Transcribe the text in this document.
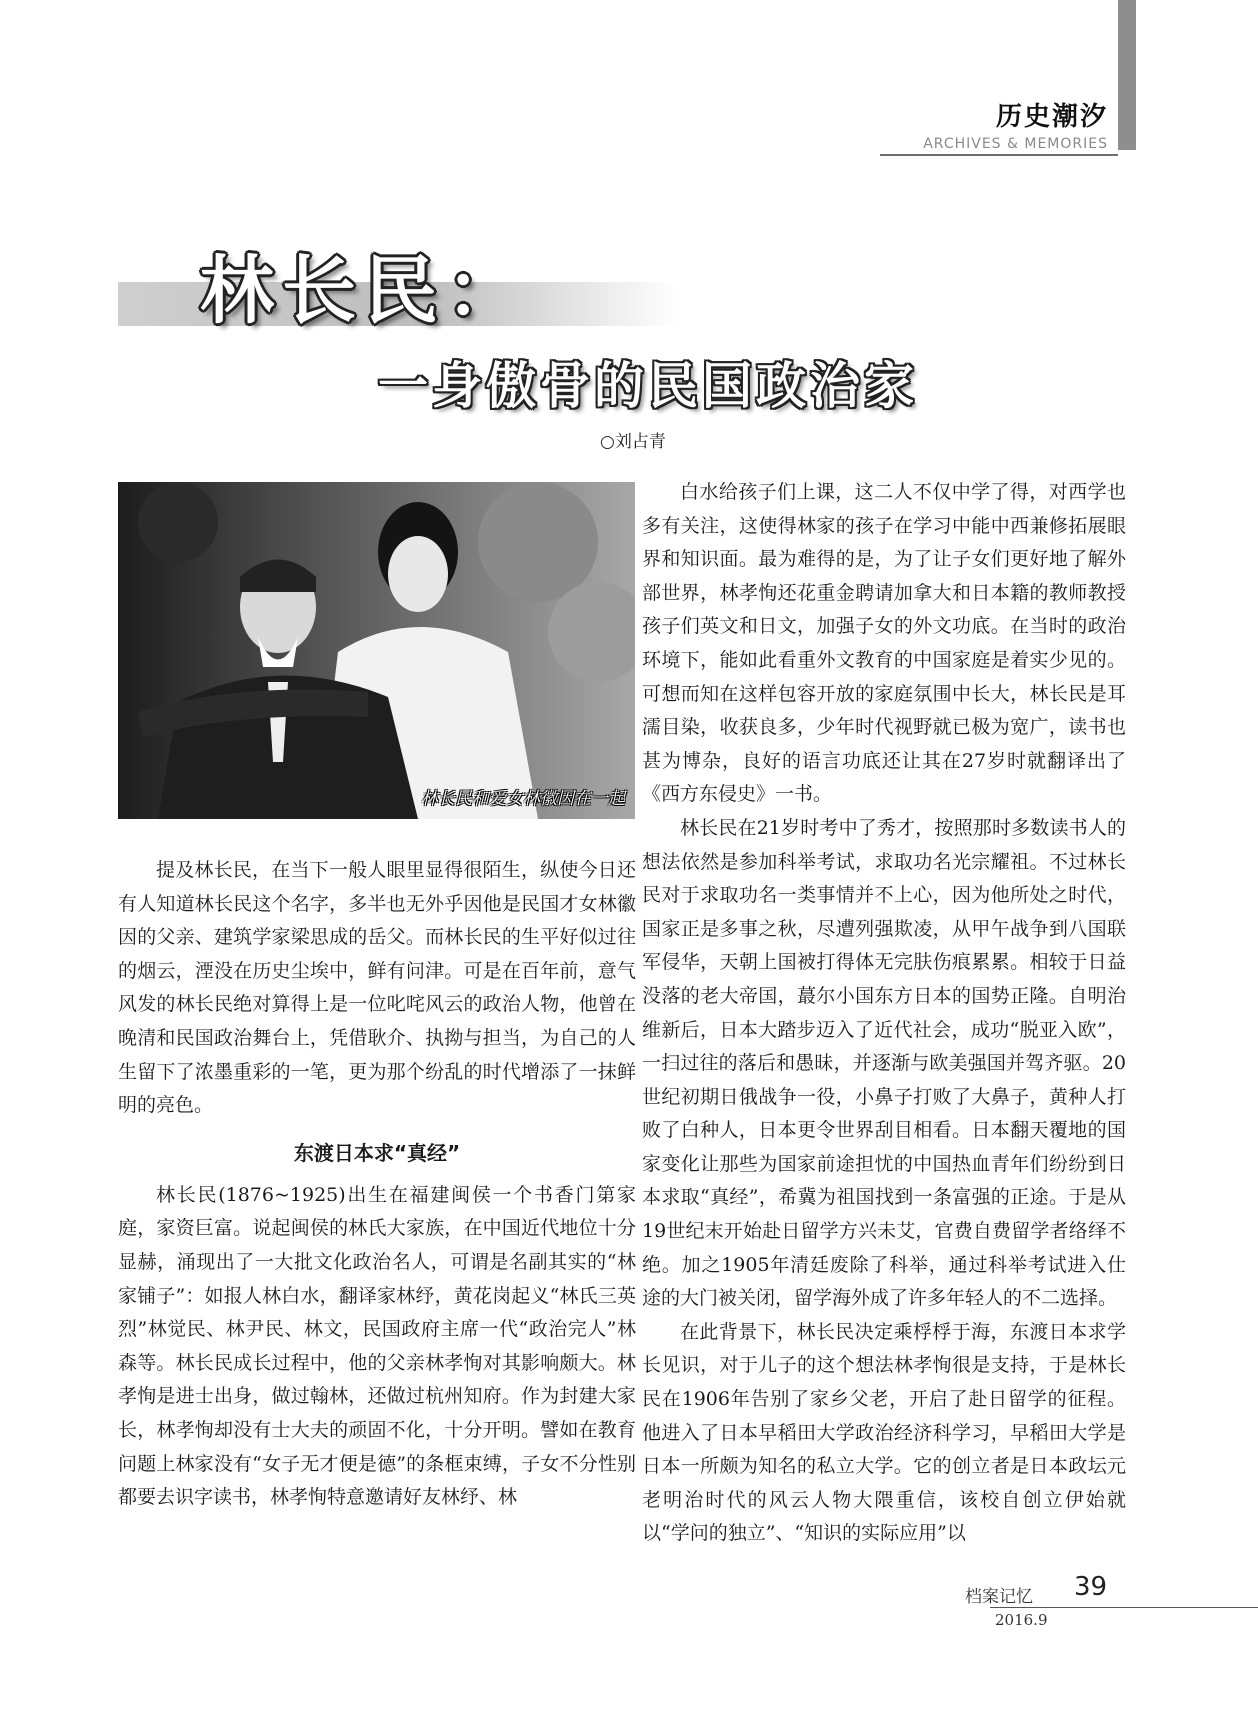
历史潮汐
ARCHIVES & MEMORIES
林长民：
一身傲骨的民国政治家
○刘占青
林长民和爱女林徽因在一起

提及林长民，在当下一般人眼里显得很陌生，纵使今日还有人知道林长民这个名字，多半也无外乎因他是民国才女林徽因的父亲、建筑学家梁思成的岳父。而林长民的生平好似过往的烟云，湮没在历史尘埃中，鲜有问津。可是在百年前，意气风发的林长民绝对算得上是一位叱咤风云的政治人物，他曾在晚清和民国政治舞台上，凭借耿介、执拗与担当，为自己的人生留下了浓墨重彩的一笔，更为那个纷乱的时代增添了一抹鲜明的亮色。

东渡日本求“真经”

林长民(1876~1925)出生在福建闽侯一个书香门第家庭，家资巨富。说起闽侯的林氏大家族，在中国近代地位十分显赫，涌现出了一大批文化政治名人，可谓是名副其实的“林家铺子”：如报人林白水，翻译家林纾，黄花岗起义“林氏三英烈”林觉民、林尹民、林文，民国政府主席一代“政治完人”林森等。林长民成长过程中，他的父亲林孝恂对其影响颇大。林孝恂是进士出身，做过翰林，还做过杭州知府。作为封建大家长，林孝恂却没有士大夫的顽固不化，十分开明。譬如在教育问题上林家没有“女子无才便是德”的条框束缚，子女不分性别都要去识字读书，林孝恂特意邀请好友林纾、林

白水给孩子们上课，这二人不仅中学了得，对西学也多有关注，这使得林家的孩子在学习中能中西兼修拓展眼界和知识面。最为难得的是，为了让子女们更好地了解外部世界，林孝恂还花重金聘请加拿大和日本籍的教师教授孩子们英文和日文，加强子女的外文功底。在当时的政治环境下，能如此看重外文教育的中国家庭是着实少见的。可想而知在这样包容开放的家庭氛围中长大，林长民是耳濡目染，收获良多，少年时代视野就已极为宽广，读书也甚为博杂，良好的语言功底还让其在27岁时就翻译出了《西方东侵史》一书。

林长民在21岁时考中了秀才，按照那时多数读书人的想法依然是参加科举考试，求取功名光宗耀祖。不过林长民对于求取功名一类事情并不上心，因为他所处之时代，国家正是多事之秋，尽遭列强欺凌，从甲午战争到八国联军侵华，天朝上国被打得体无完肤伤痕累累。相较于日益没落的老大帝国，蕞尔小国东方日本的国势正隆。自明治维新后，日本大踏步迈入了近代社会，成功“脱亚入欧”，一扫过往的落后和愚昧，并逐渐与欧美强国并驾齐驱。20世纪初期日俄战争一役，小鼻子打败了大鼻子，黄种人打败了白种人，日本更令世界刮目相看。日本翻天覆地的国家变化让那些为国家前途担忧的中国热血青年们纷纷到日本求取“真经”，希冀为祖国找到一条富强的正途。于是从19世纪末开始赴日留学方兴未艾，官费自费留学者络绎不绝。加之1905年清廷废除了科举，通过科举考试进入仕途的大门被关闭，留学海外成了许多年轻人的不二选择。

在此背景下，林长民决定乘桴桴于海，东渡日本求学长见识，对于儿子的这个想法林孝恂很是支持，于是林长民在1906年告别了家乡父老，开启了赴日留学的征程。他进入了日本早稻田大学政治经济科学习，早稻田大学是日本一所颇为知名的私立大学。它的创立者是日本政坛元老明治时代的风云人物大隈重信，该校自创立伊始就以“学问的独立”、“知识的实际应用”以

档案记忆 39
2016.9
